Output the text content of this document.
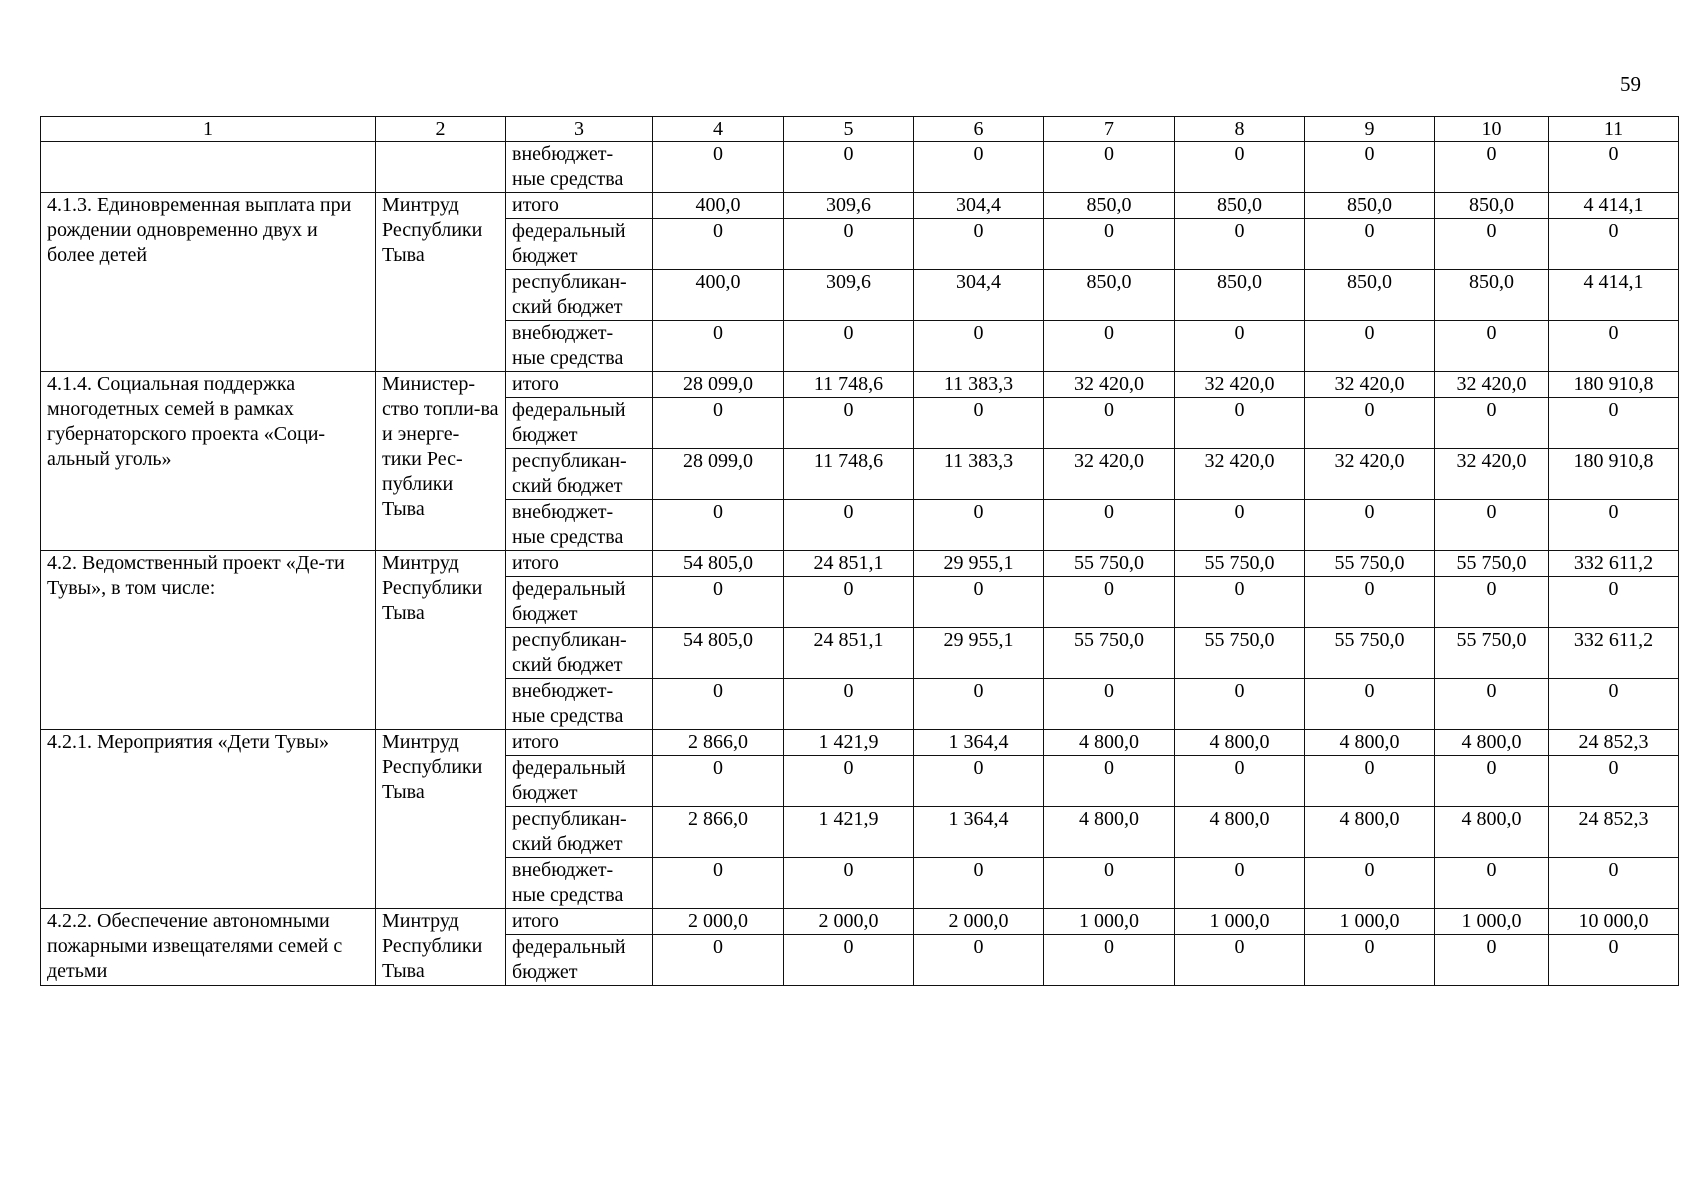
59
1	2	3	4	5	6	7	8	9	10	11
		внебюджет-ные средства	0	0	0	0	0	0	0	0
4.1.3. Единовременная выплата при рождении одновременно двух и более детей	Минтруд Республики Тыва	итого	400,0	309,6	304,4	850,0	850,0	850,0	850,0	4 414,1
		федеральный бюджет	0	0	0	0	0	0	0	0
		республикан-ский бюджет	400,0	309,6	304,4	850,0	850,0	850,0	850,0	4 414,1
		внебюджет-ные средства	0	0	0	0	0	0	0	0
4.1.4. Социальная поддержка многодетных семей в рамках губернаторского проекта «Соци-альный уголь»	Министер-ство топли-ва и энерге-тики Рес-публики Тыва	итого	28 099,0	11 748,6	11 383,3	32 420,0	32 420,0	32 420,0	32 420,0	180 910,8
		федеральный бюджет	0	0	0	0	0	0	0	0
		республикан-ский бюджет	28 099,0	11 748,6	11 383,3	32 420,0	32 420,0	32 420,0	32 420,0	180 910,8
		внебюджет-ные средства	0	0	0	0	0	0	0	0
4.2. Ведомственный проект «Де-ти Тувы», в том числе:	Минтруд Республики Тыва	итого	54 805,0	24 851,1	29 955,1	55 750,0	55 750,0	55 750,0	55 750,0	332 611,2
		федеральный бюджет	0	0	0	0	0	0	0	0
		республикан-ский бюджет	54 805,0	24 851,1	29 955,1	55 750,0	55 750,0	55 750,0	55 750,0	332 611,2
		внебюджет-ные средства	0	0	0	0	0	0	0	0
4.2.1. Мероприятия «Дети Тувы»	Минтруд Республики Тыва	итого	2 866,0	1 421,9	1 364,4	4 800,0	4 800,0	4 800,0	4 800,0	24 852,3
		федеральный бюджет	0	0	0	0	0	0	0	0
		республикан-ский бюджет	2 866,0	1 421,9	1 364,4	4 800,0	4 800,0	4 800,0	4 800,0	24 852,3
		внебюджет-ные средства	0	0	0	0	0	0	0	0
4.2.2. Обеспечение автономными пожарными извещателями семей с детьми	Минтруд Республики Тыва	итого	2 000,0	2 000,0	2 000,0	1 000,0	1 000,0	1 000,0	1 000,0	10 000,0
		федеральный бюджет	0	0	0	0	0	0	0	0
